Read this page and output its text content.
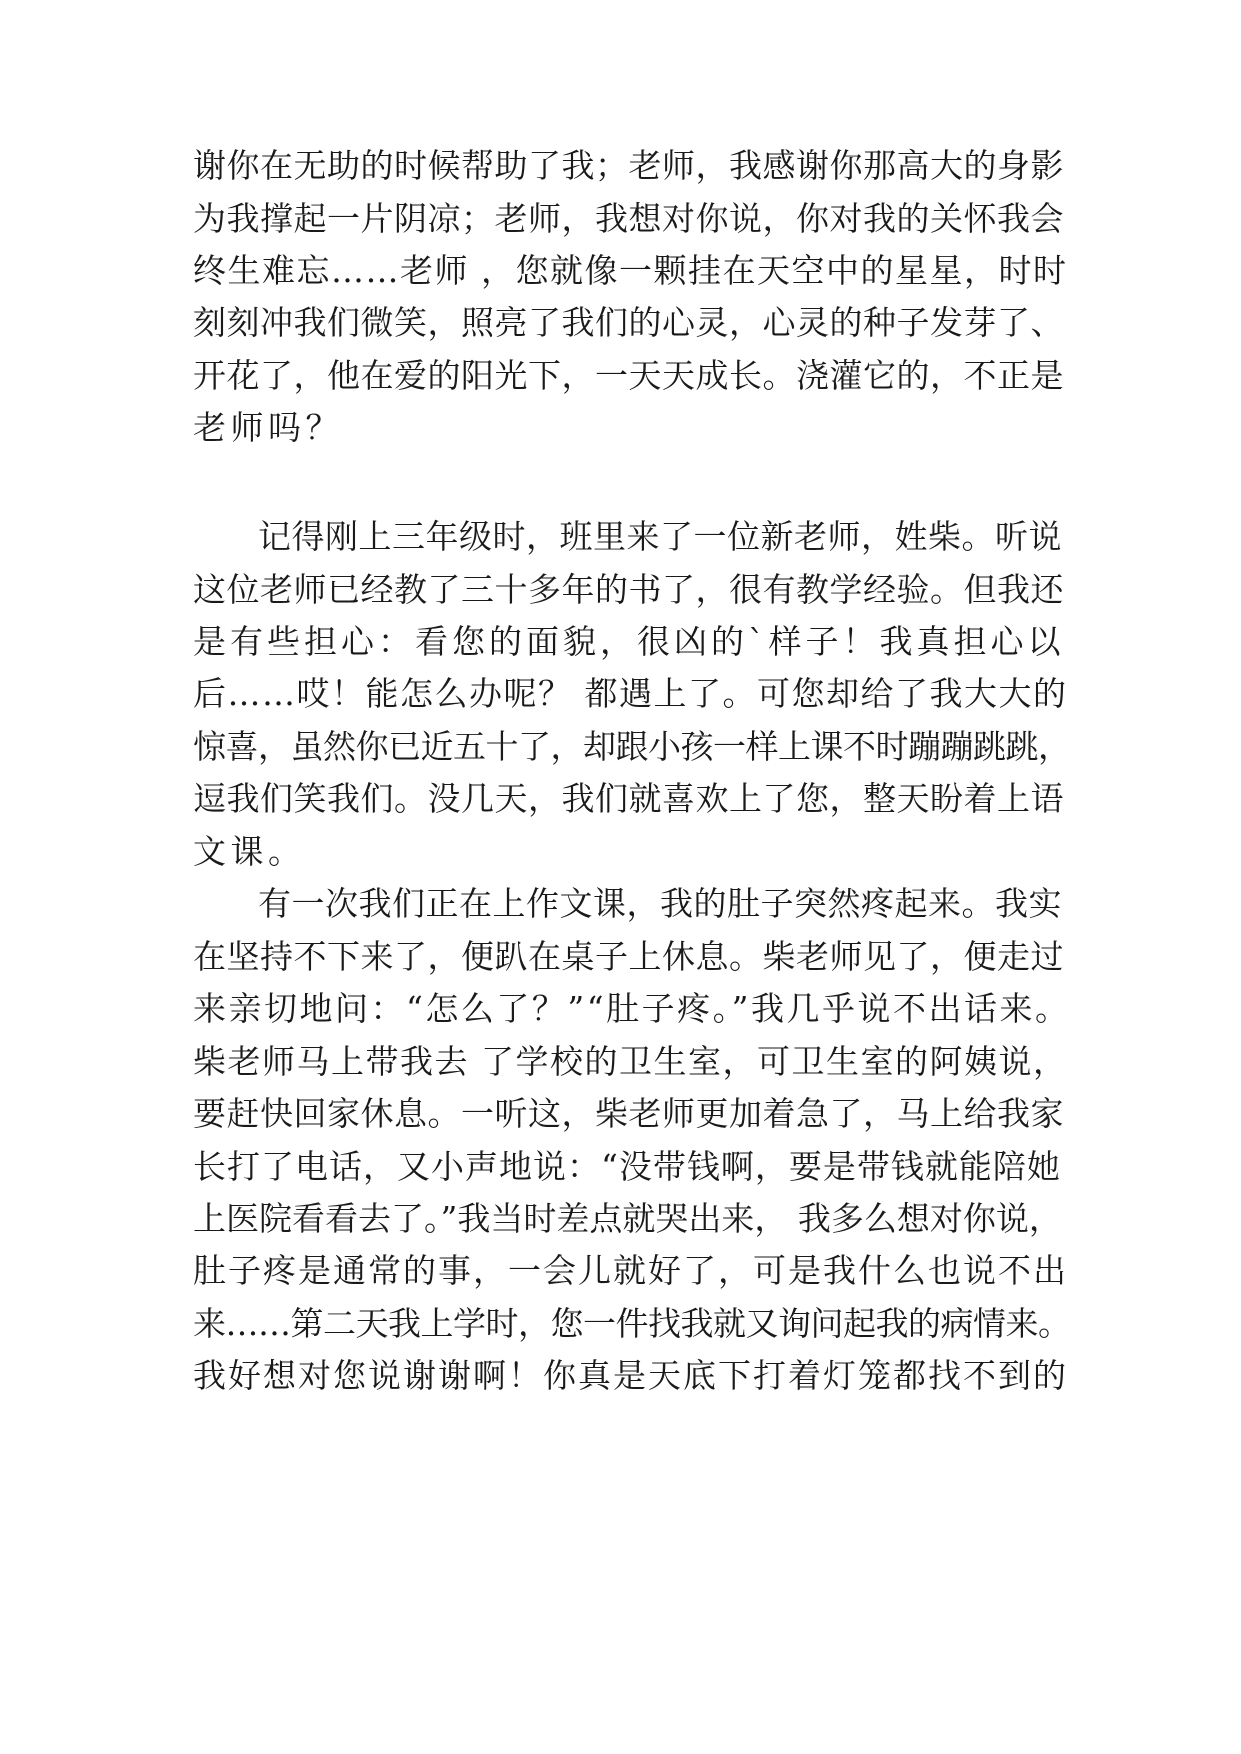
谢你在无助的时候帮助了我；老师，我感谢你那高大的身影
为我撑起一片阴凉；老师，我想对你说，你对我的关怀我会
终生难忘……老师 ，您就像一颗挂在天空中的星星，时时
刻刻冲我们微笑，照亮了我们的心灵，心灵的种子发芽了、
开花了，他在爱的阳光下，一天天成长。浇灌它的，不正是
老师吗？
记得刚上三年级时，班里来了一位新老师，姓柴。听说
这位老师已经教了三十多年的书了，很有教学经验。但我还
是有些担心：看您的面貌，很凶的`样子！我真担心以
后……哎！能怎么办呢？ 都遇上了。可您却给了我大大的
惊喜，虽然你已近五十了，却跟小孩一样上课不时蹦蹦跳跳，
逗我们笑我们。没几天，我们就喜欢上了您，整天盼着上语
文课。
有一次我们正在上作文课，我的肚子突然疼起来。我实
在坚持不下来了，便趴在桌子上休息。柴老师见了，便走过
来亲切地问：“怎么了？”“肚子疼。”我几乎说不出话来。
柴老师马上带我去 了学校的卫生室，可卫生室的阿姨说，
要赶快回家休息。一听这，柴老师更加着急了，马上给我家
长打了电话，又小声地说：“没带钱啊，要是带钱就能陪她
上医院看看去了。”我当时差点就哭出来， 我多么想对你说，
肚子疼是通常的事，一会儿就好了，可是我什么也说不出
来……第二天我上学时，您一件找我就又询问起我的病情来。
我好想对您说谢谢啊！你真是天底下打着灯笼都找不到的
